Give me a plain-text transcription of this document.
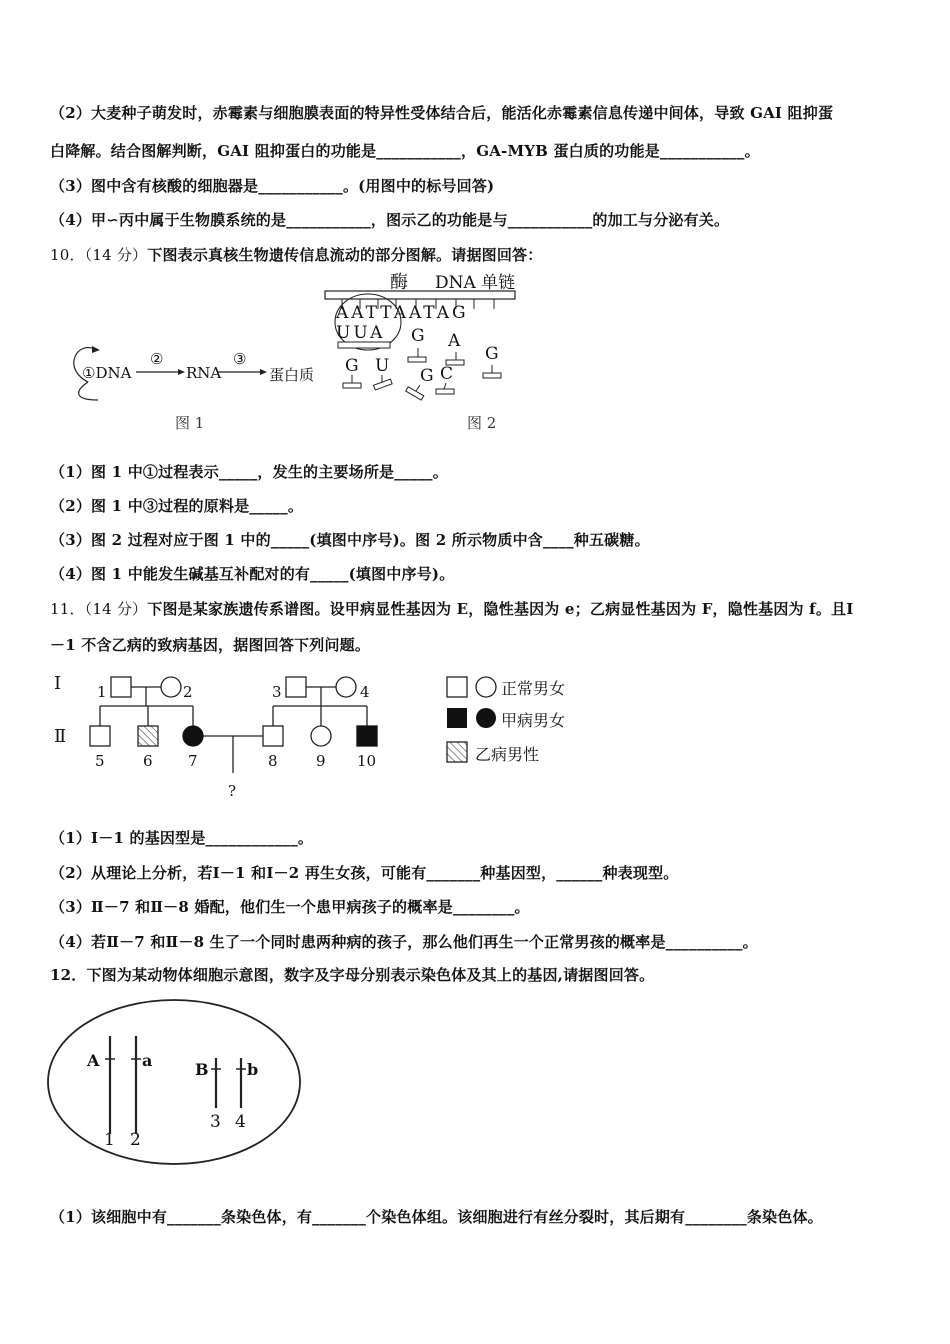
（2）大麦种子萌发时，赤霉素与细胞膜表面的特异性受体结合后，能活化赤霉素信息传递中间体，导致 GAI 阻抑蛋
白降解。结合图解判断，GAI 阻抑蛋白的功能是___________，GA-MYB 蛋白质的功能是___________。
（3）图中含有核酸的细胞器是___________。(用图中的标号回答)
（4）甲∽丙中属于生物膜系统的是___________，图示乙的功能是与___________的加工与分泌有关。
10．（14 分）下图表示真核生物遗传信息流动的部分图解。请据图回答：
①DNA
②
RNA
③
蛋白质
图 1
酶 DNA 单链
AATTAATAG
UUA G A
G
G U G C
图 2
（1）图 1 中①过程表示_____，发生的主要场所是_____。
（2）图 1 中③过程的原料是_____。
（3）图 2 过程对应于图 1 中的_____(填图中序号)。图 2 所示物质中含____种五碳糖。
（4）图 1 中能发生碱基互补配对的有_____(填图中序号)。
11．（14 分）下图是某家族遗传系谱图。设甲病显性基因为 E，隐性基因为 e；乙病显性基因为 F，隐性基因为 f。且Ⅰ
－1 不含乙病的致病基因，据图回答下列问题。
Ⅰ
Ⅱ
1	2	3	4
5	6 7	8	9 10
?
正常男女
甲病男女
乙病男性
（1）Ⅰ－1 的基因型是____________。
（2）从理论上分析，若Ⅰ－1 和Ⅰ－2 再生女孩，可能有_______种基因型，______种表现型。
（3）Ⅱ－7 和Ⅱ－8 婚配，他们生一个患甲病孩子的概率是________。
（4）若Ⅱ－7 和Ⅱ－8 生了一个同时患两种病的孩子，那么他们再生一个正常男孩的概率是__________。
12．下图为某动物体细胞示意图，数字及字母分别表示染色体及其上的基因,请据图回答。
A	a	B b
1 2
3 4
（1）该细胞中有_______条染色体，有_______个染色体组。该细胞进行有丝分裂时，其后期有________条染色体。
